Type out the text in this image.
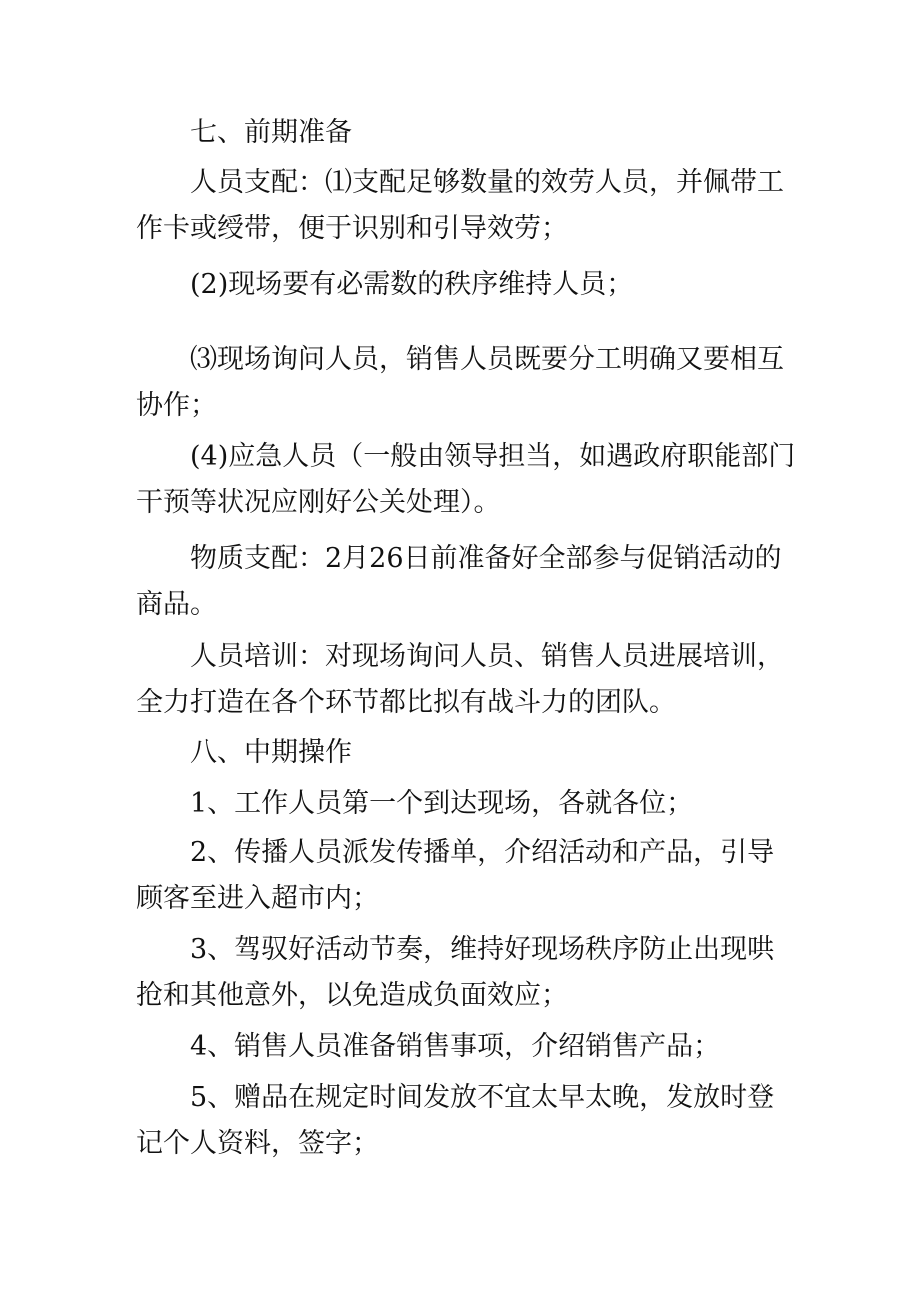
七、前期准备

人员支配：⑴支配足够数量的效劳人员，并佩带工作卡或绶带，便于识别和引导效劳；

(2)现场要有必需数的秩序维持人员；

⑶现场询问人员，销售人员既要分工明确又要相互协作；

(4)应急人员（一般由领导担当，如遇政府职能部门干预等状况应刚好公关处理）。

物质支配：2月26日前准备好全部参与促销活动的商品。

人员培训：对现场询问人员、销售人员进展培训，全力打造在各个环节都比拟有战斗力的团队。

八、中期操作

1、工作人员第一个到达现场，各就各位；

2、传播人员派发传播单，介绍活动和产品，引导顾客至进入超市内；

3、驾驭好活动节奏，维持好现场秩序防止出现哄抢和其他意外，以免造成负面效应；

4、销售人员准备销售事项，介绍销售产品；

5、赠品在规定时间发放不宜太早太晚，发放时登记个人资料，签字；
